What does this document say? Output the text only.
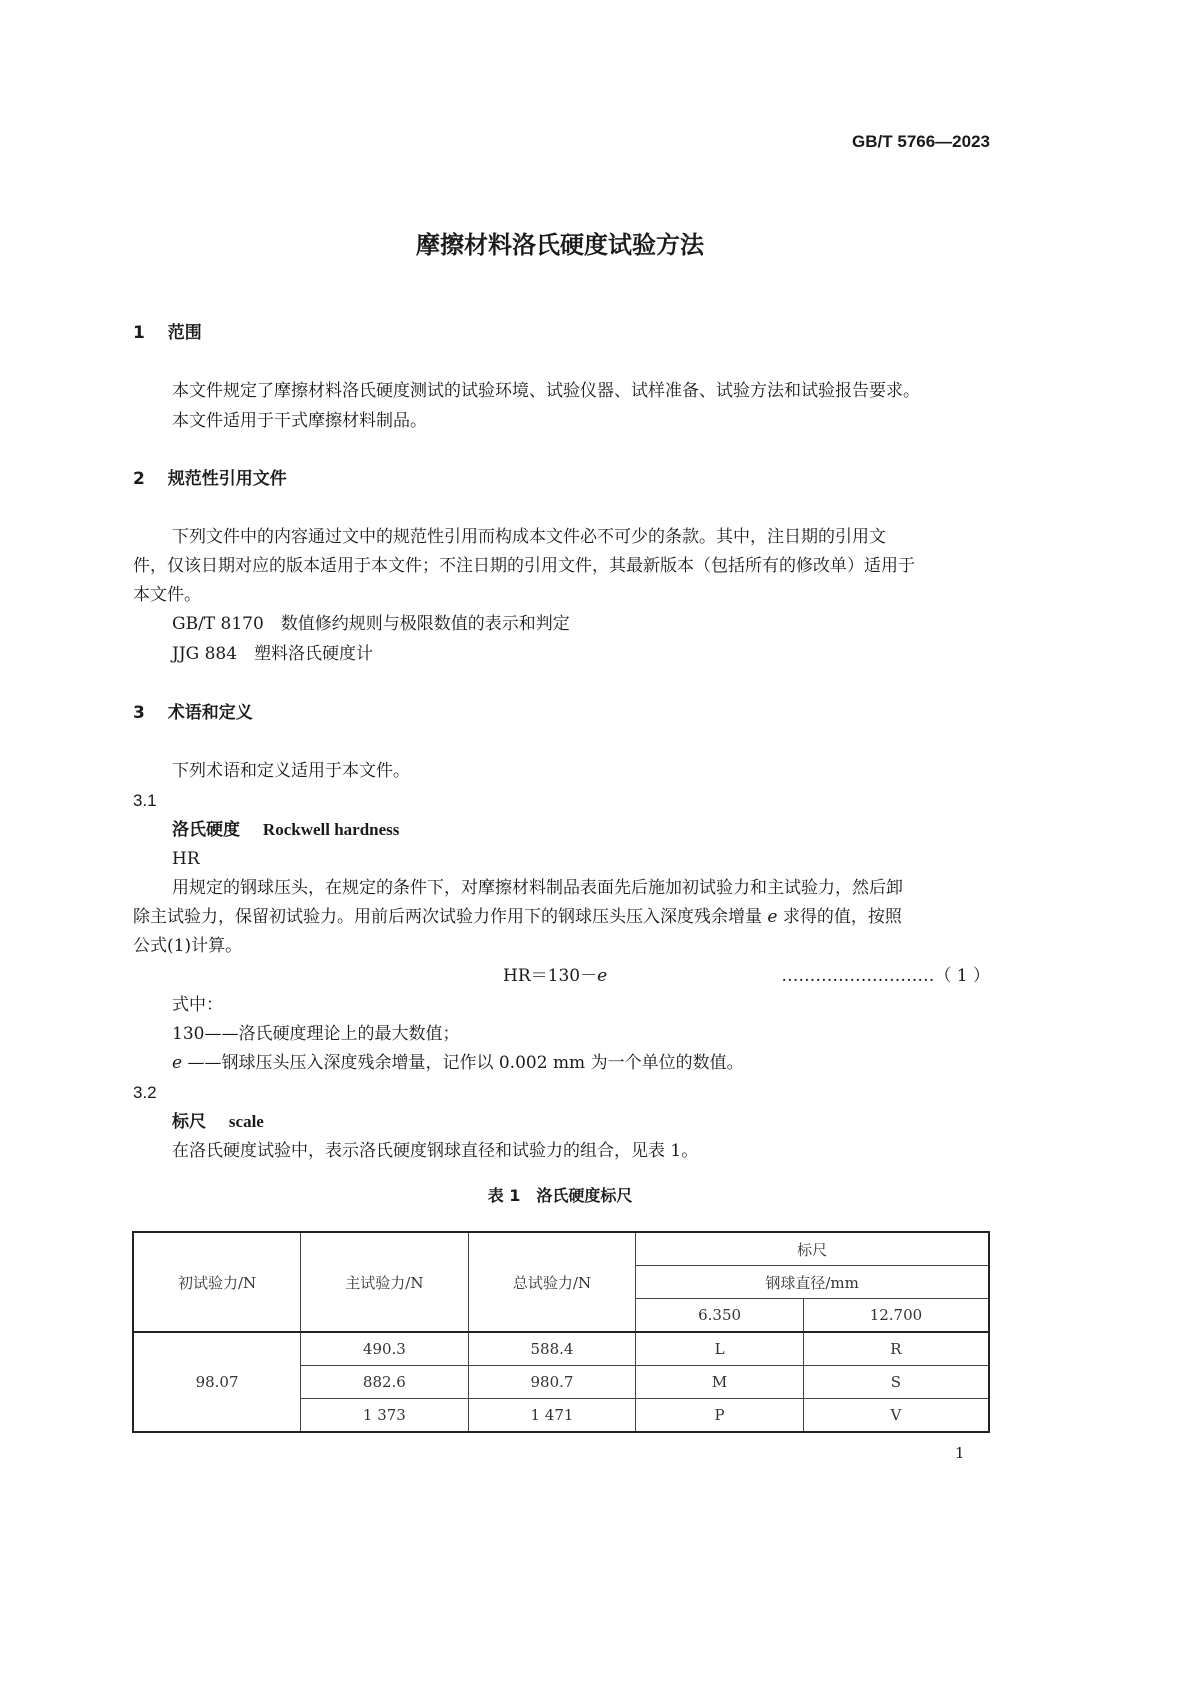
GB/T 5766—2023
摩擦材料洛氏硬度试验方法
1　 范围
本文件规定了摩擦材料洛氏硬度测试的试验环境、试验仪器、试样准备、试验方法和试验报告要求。
本文件适用于干式摩擦材料制品。
2　 规范性引用文件
下列文件中的内容通过文中的规范性引用而构成本文件必不可少的条款。其中，注日期的引用文
件，仅该日期对应的版本适用于本文件；不注日期的引用文件，其最新版本（包括所有的修改单）适用于
本文件。
GB/T 8170　 数值修约规则与极限数值的表示和判定
JJG 884　 塑料洛氏硬度计
3　 术语和定义
下列术语和定义适用于本文件。
3.1
洛氏硬度　 Rockwell hardness
HR
用规定的钢球压头，在规定的条件下，对摩擦材料制品表面先后施加初试验力和主试验力，然后卸
除主试验力，保留初试验力。用前后两次试验力作用下的钢球压头压入深度残余增量 e 求得的值，按照
公式(1)计算。
HR＝130－e	………………………（ 1 ）
式中：
130——洛氏硬度理论上的最大数值；
e ——钢球压头压入深度残余增量，记作以 0.002 mm 为一个单位的数值。
3.2
标尺　 scale
在洛氏硬度试验中，表示洛氏硬度钢球直径和试验力的组合，见表 1。
表 1　洛氏硬度标尺
初试验力/N	主试验力/N	总试验力/N	标尺	
			钢球直径/mm	
			6.350	12.700
98.07	490.3	588.4	L	R
	882.6	980.7	M	S
	1 373	1 471	P	V
1
